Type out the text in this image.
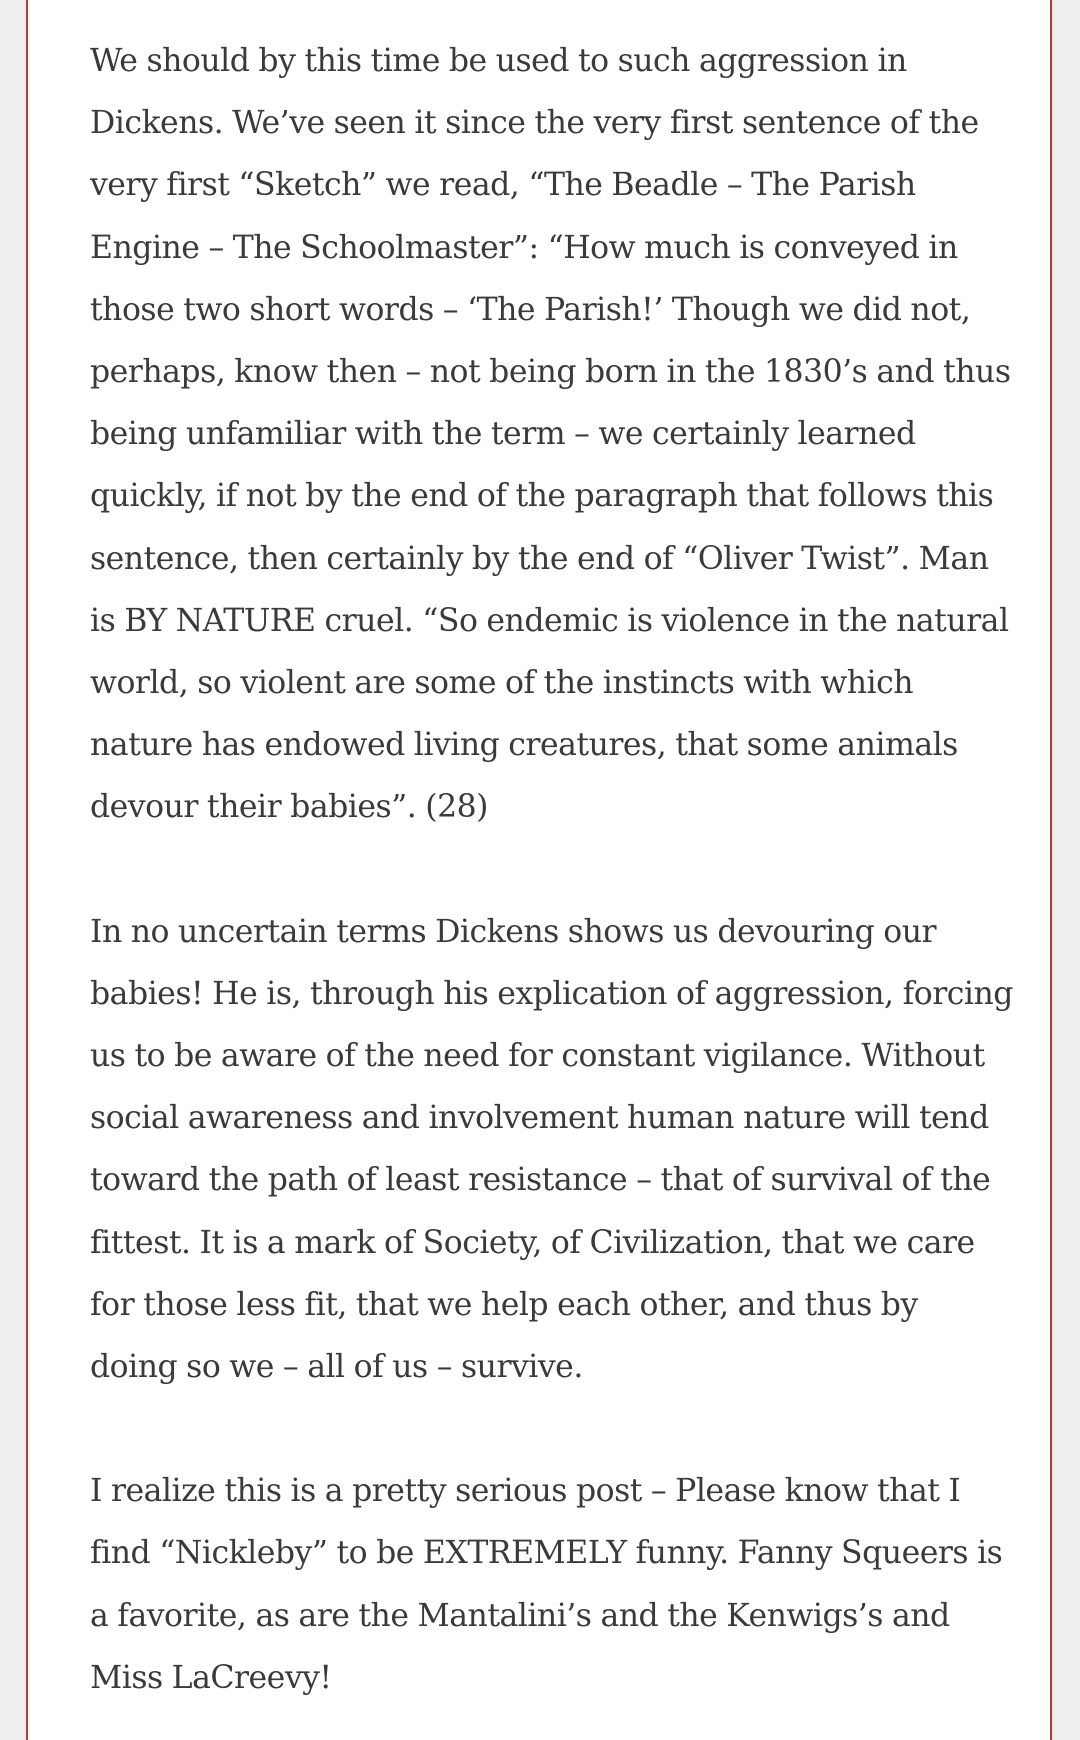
We should by this time be used to such aggression in
Dickens. We’ve seen it since the very first sentence of the
very first “Sketch” we read, “The Beadle – The Parish
Engine – The Schoolmaster”: “How much is conveyed in
those two short words – ‘The Parish!’ Though we did not,
perhaps, know then – not being born in the 1830’s and thus
being unfamiliar with the term – we certainly learned
quickly, if not by the end of the paragraph that follows this
sentence, then certainly by the end of “Oliver Twist”. Man
is BY NATURE cruel. “So endemic is violence in the natural
world, so violent are some of the instincts with which
nature has endowed living creatures, that some animals
devour their babies”. (28)

In no uncertain terms Dickens shows us devouring our
babies! He is, through his explication of aggression, forcing
us to be aware of the need for constant vigilance. Without
social awareness and involvement human nature will tend
toward the path of least resistance – that of survival of the
fittest. It is a mark of Society, of Civilization, that we care
for those less fit, that we help each other, and thus by
doing so we – all of us – survive.

I realize this is a pretty serious post – Please know that I
find “Nickleby” to be EXTREMELY funny. Fanny Squeers is
a favorite, as are the Mantalini’s and the Kenwigs’s and
Miss LaCreevy!
